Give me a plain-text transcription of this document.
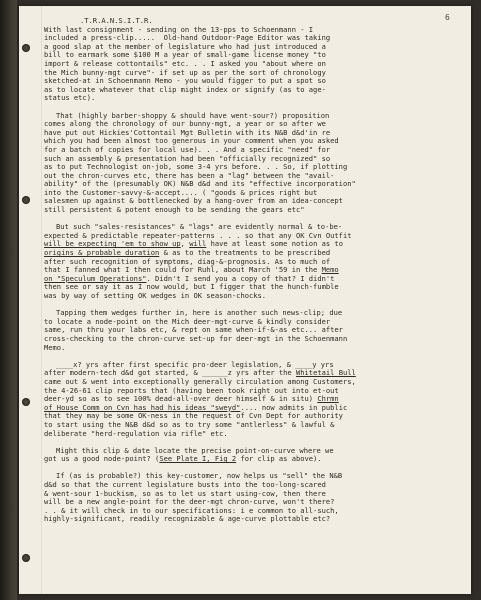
6
.T.R.A.N.S.I.T.R.
With last consignment - sending on the 13-pps to Schoenmann - I
included a press-clip.....  Old-hand Outdoor-Page Editor was taking
a good slap at the member of legislature who had just introduced a
bill to earmark some $100 M a year of small-game license money "to
import & release cottontails" etc. . . I asked you "about where on
the Mich bunny-mgt curve"- if set up as per the sort of chronology
sketched-at in Schoenmann Memo - you would figger to put a spot so
as to locate whatever that clip might index or signify (as to age-
status etc).
That (highly barber-shoppy & should have went-sour?) proposition
comes along the chronology of our bunny-mgt, a year or so after we
have put out Hickies'Cottontail Mgt Bulletin with its N&B d&d'in re
which you had been almost too generous in your comment when you asked
for a batch of copies for local use). . . And a specific "need" for
such an assembly & presentation had been "officially recognized" so
as to put Technologist on-job, some 3-4 yrs before. . . So, if plotting
out the chron-curves etc, there has been a "lag" between the "avail-
ability" of the (presumably OK) N&B d&d and its "effective incorporation"
into the Customer-savvy-&-accept.... ( "goods & prices right but
salesmen up against & bottlenecked by a hang-over from an idea-concept
still persistent & potent enough to be sending the gears etc"
But such "sales-resistances" & "lags" are evidently normal & to-be-
expected & predictable repeater-patterns . . . so that any OK Cvn Outfit
will be expecting 'em to show up, will have at least some notion as to
origins & probable duration & as to the treatments to be prescribed
after such recognition of symptoms, diag-&-prognosis. As to much of
that I fanned what I then could for Ruhl, about March '59 in the Memo
on "Speculum Operations". Didn't I send you a copy of that? I didn't
then see or say it as I now would, but I figger that the hunch-fumble
was by way of setting OK wedges in OK season-chocks.
Tapping them wedges further in, here is another such news-clip; due
to locate a node-point on the Mich deer-mgt-curve & kindly consider
same, run thru your labs etc, & rept on same when-if-&-as etc... after
cross-checking to the chron-curve set-up for deer-mgt in the Schoenmann
Memo.
____x? yrs after first specific pro-deer legislation, & ____y yrs
after modern-tech d&d got started, & ______z yrs after the Whitetail Bull
came out & went into exceptionally generally circulation among Customers,
the 4-26-61 clip reports that (having been took right out into et-out
deer-yd so as to see 100% dead-all-over deer himself & in situ) Chrmn
of House Comm on Cvn has had his ideas "sweyd".... now admits in public
that they may be some OK-ness in the request of Cvn Dept for authority
to start using the N&B d&d so as to try some "antlerless" & lawful &
deliberate "herd-regulation via rifle" etc.
Might this clip & date locate the precise point-on-curve where we
got us a good node-point? (See Plate I, Fig 2 for clip as above).
If (as is probable?) this key-customer, now helps us "sell" the N&B
d&d so that the current legislature busts into the too-long-scared
& went-sour 1-buckism, so as to let us start using-cow, then there
will be a new angle-point for the deer-mgt chron-curve, won't there?
. . & it will check in to our specifications: i e common to all-such,
highly-significant, readily recognizable & age-curve plottable etc?
